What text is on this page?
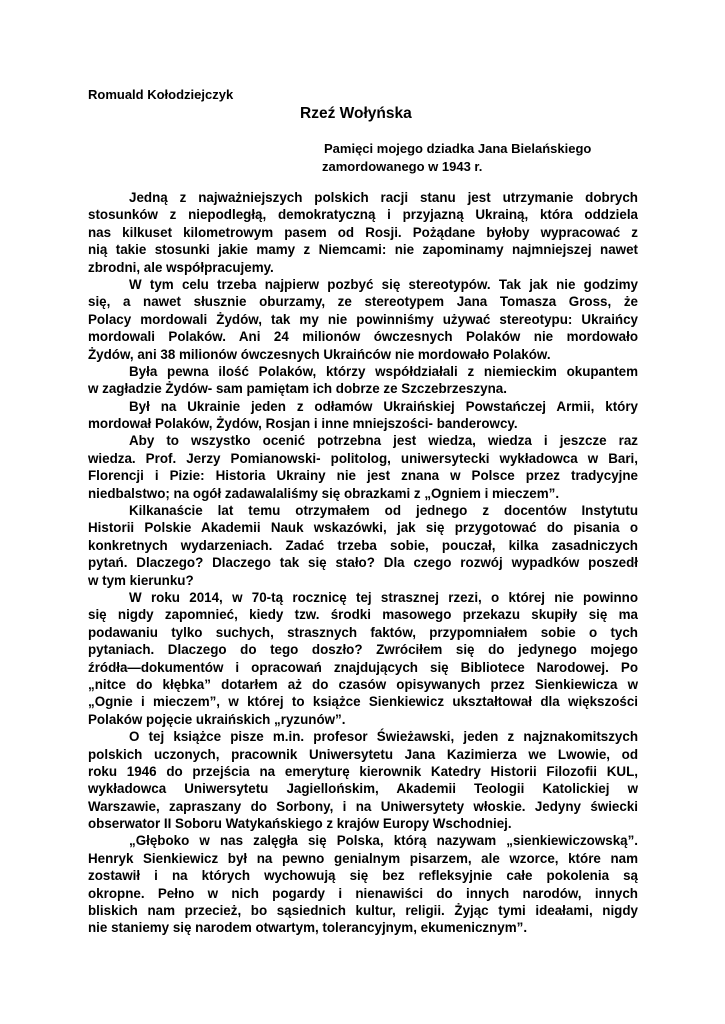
Romuald Kołodziejczyk
Rzeź Wołyńska
Pamięci mojego dziadka Jana Bielańskiego
zamordowanego w 1943 r.
Jedną z najważniejszych polskich racji stanu jest utrzymanie dobrych
stosunków z niepodległą, demokratyczną i przyjazną Ukrainą, która oddziela
nas kilkuset kilometrowym pasem od Rosji. Pożądane byłoby wypracować z
nią takie stosunki jakie mamy z Niemcami: nie zapominamy najmniejszej nawet
zbrodni, ale współpracujemy.
W tym celu trzeba najpierw pozbyć się stereotypów. Tak jak nie godzimy
się, a nawet słusznie oburzamy, ze stereotypem Jana Tomasza Gross, że
Polacy mordowali Żydów, tak my nie powinniśmy używać stereotypu: Ukraińcy
mordowali Polaków. Ani 24 milionów ówczesnych Polaków nie mordowało
Żydów, ani 38 milionów ówczesnych Ukraińców nie mordowało Polaków.
Była pewna ilość Polaków, którzy współdziałali z niemieckim okupantem
w zagładzie Żydów- sam pamiętam ich dobrze ze Szczebrzeszyna.
Był na Ukrainie jeden z odłamów Ukraińskiej Powstańczej Armii, który
mordował Polaków, Żydów, Rosjan i inne mniejszości- banderowcy.
Aby to wszystko ocenić potrzebna jest wiedza, wiedza i jeszcze raz
wiedza. Prof. Jerzy Pomianowski- politolog, uniwersytecki wykładowca w Bari,
Florencji i Pizie: Historia Ukrainy nie jest znana w Polsce przez tradycyjne
niedbalstwo; na ogół zadawalaliśmy się obrazkami z „Ogniem i mieczem”.
Kilkanaście lat temu otrzymałem od jednego z docentów Instytutu
Historii Polskie Akademii Nauk wskazówki, jak się przygotować do pisania o
konkretnych wydarzeniach. Zadać trzeba sobie, pouczał, kilka zasadniczych
pytań. Dlaczego? Dlaczego tak się stało? Dla czego rozwój wypadków poszedł
w tym kierunku?
W roku 2014, w 70-tą rocznicę tej strasznej rzezi, o której nie powinno
się nigdy zapomnieć, kiedy tzw. środki masowego przekazu skupiły się ma
podawaniu tylko suchych, strasznych faktów, przypomniałem sobie o tych
pytaniach. Dlaczego do tego doszło? Zwróciłem się do jedynego mojego
źródła—dokumentów i opracowań znajdujących się Bibliotece Narodowej. Po
„nitce do kłębka” dotarłem aż do czasów opisywanych przez Sienkiewicza w
„Ognie i mieczem”, w której to książce Sienkiewicz ukształtował dla większości
Polaków pojęcie ukraińskich „ryzunów”.
O tej książce pisze m.in. profesor Świeżawski, jeden z najznakomitszych
polskich uczonych, pracownik Uniwersytetu Jana Kazimierza we Lwowie, od
roku 1946 do przejścia na emeryturę kierownik Katedry Historii Filozofii KUL,
wykładowca Uniwersytetu Jagiellońskim, Akademii Teologii Katolickiej w
Warszawie, zapraszany do Sorbony, i na Uniwersytety włoskie. Jedyny świecki
obserwator II Soboru Watykańskiego z krajów Europy Wschodniej.
„Głęboko w nas zalęgła się Polska, którą nazywam „sienkiewiczowską”.
Henryk Sienkiewicz był na pewno genialnym pisarzem, ale wzorce, które nam
zostawił i na których wychowują się bez refleksyjnie całe pokolenia są
okropne. Pełno w nich pogardy i nienawiści do innych narodów, innych
bliskich nam przecież, bo sąsiednich kultur, religii. Żyjąc tymi ideałami, nigdy
nie staniemy się narodem otwartym, tolerancyjnym, ekumenicznym”.
